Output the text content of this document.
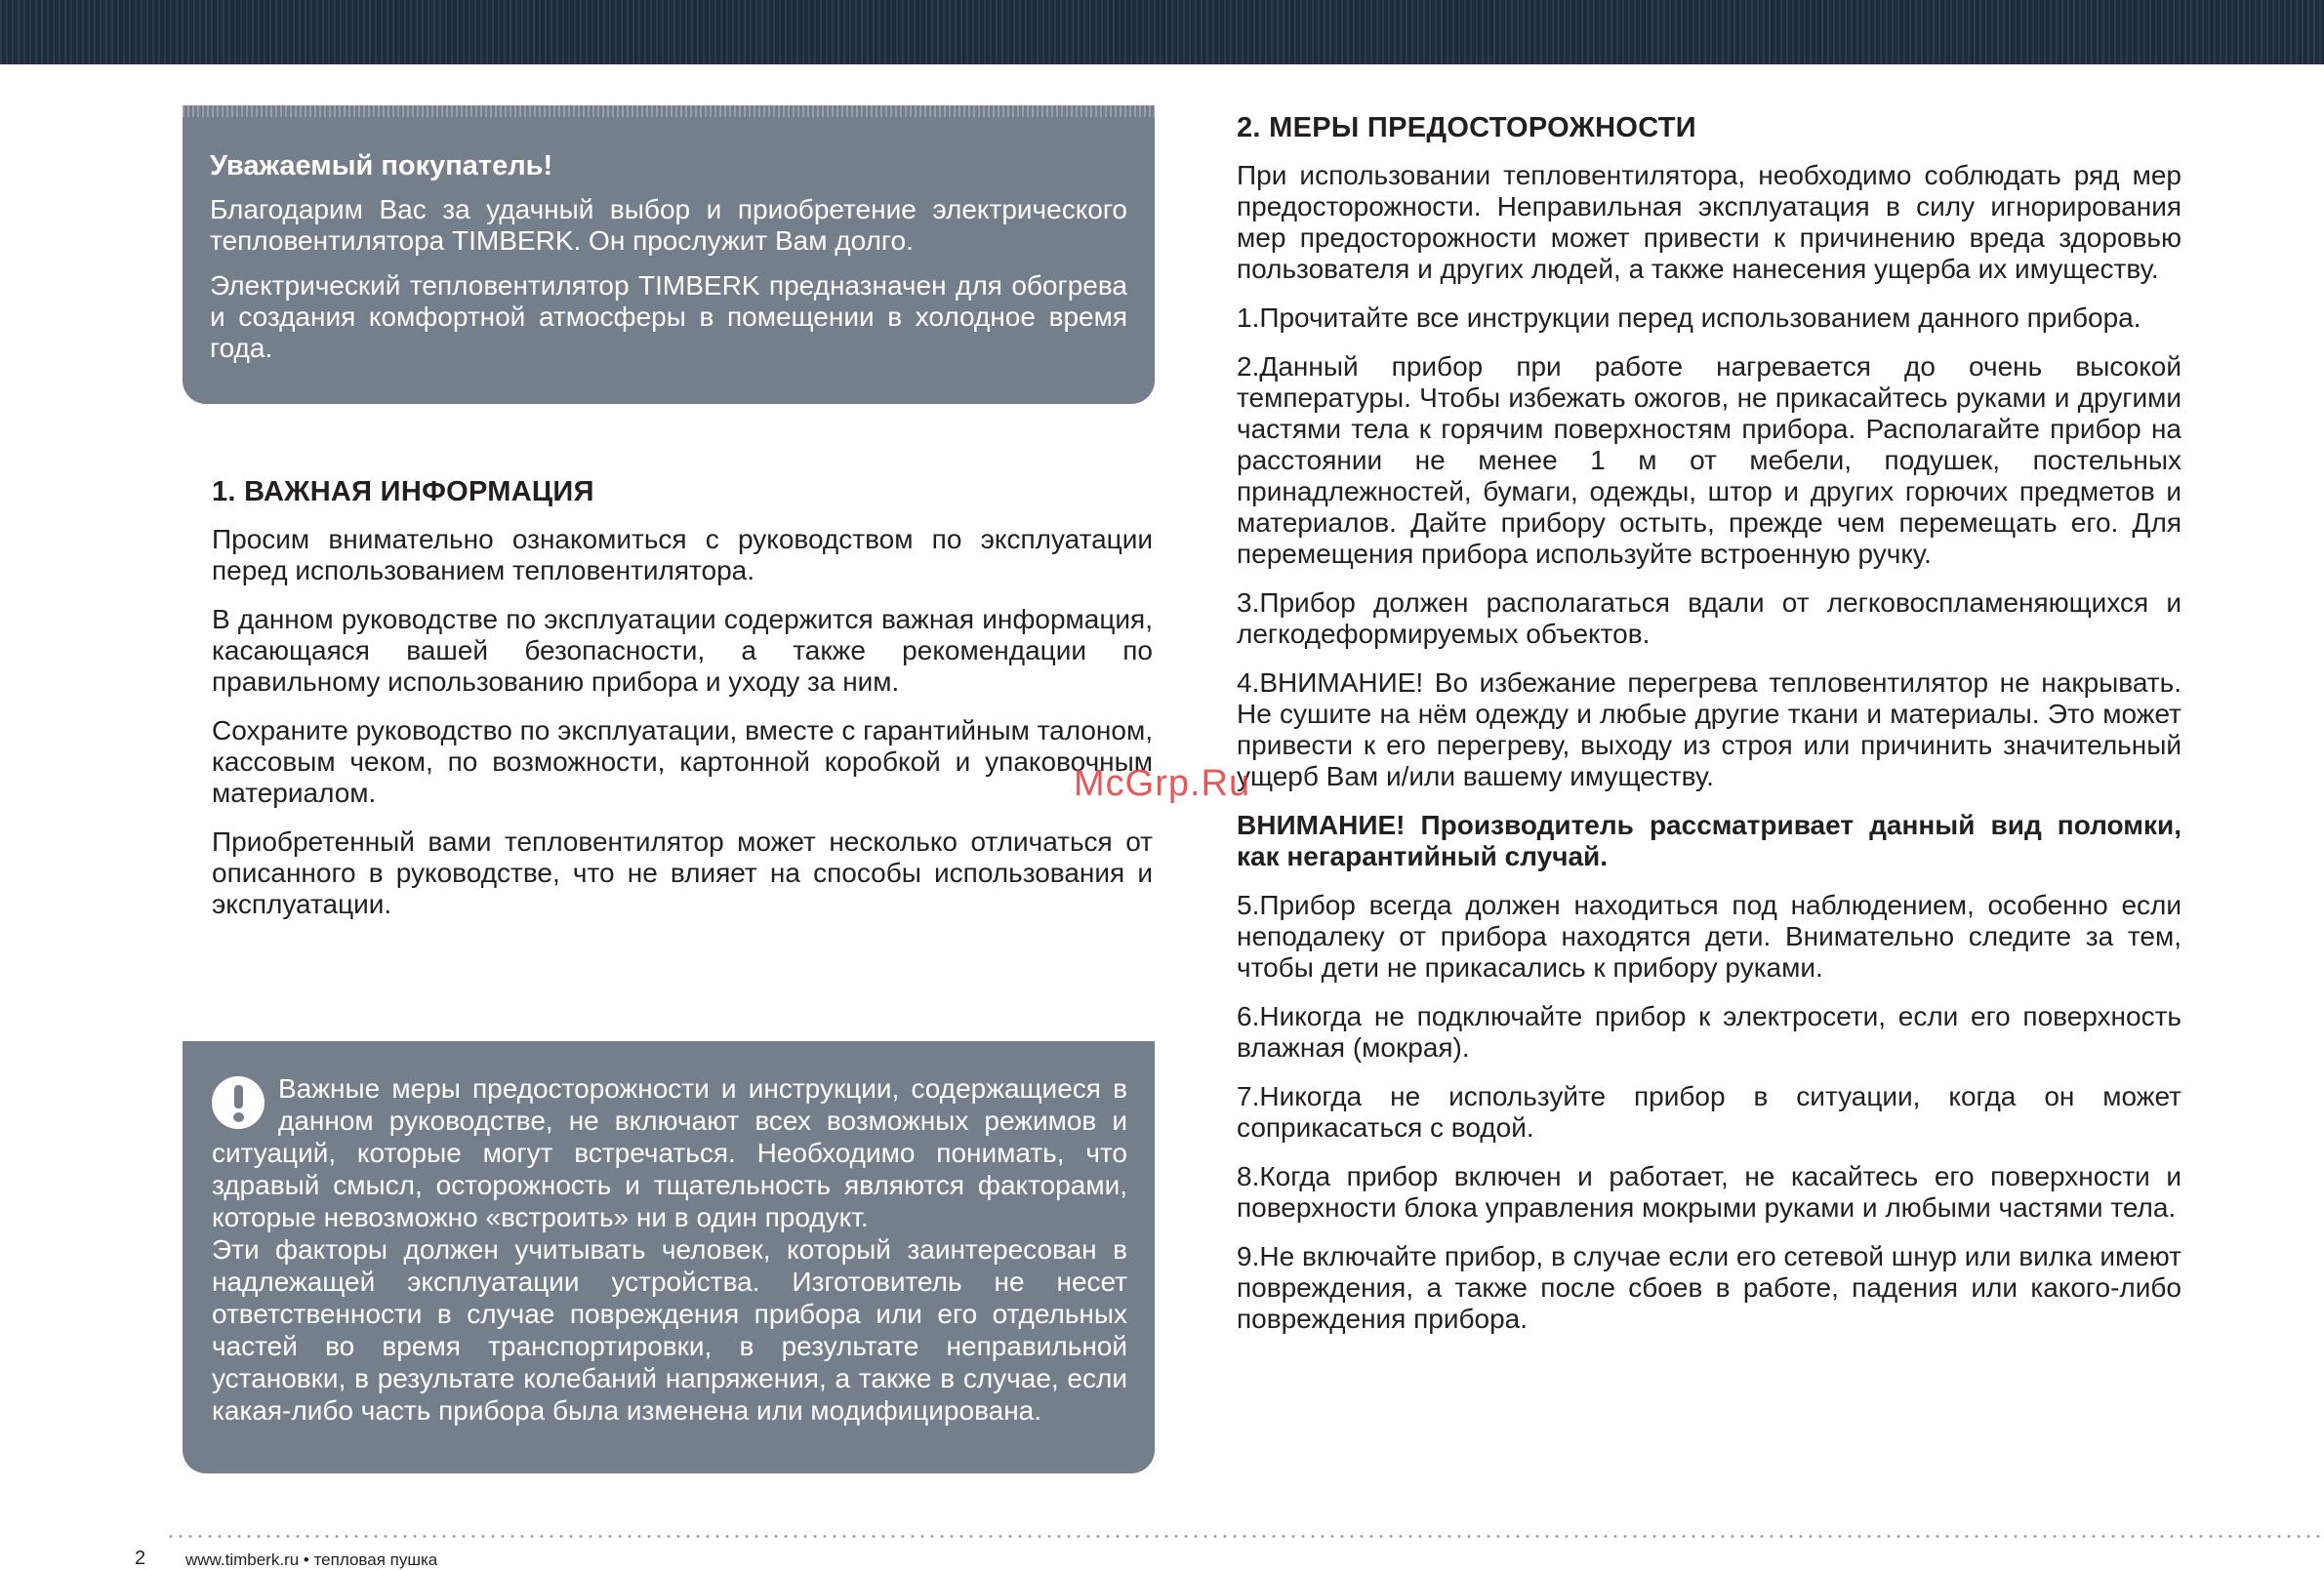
Уважаемый покупатель!

Благодарим Вас за удачный выбор и приобретение электрического тепловентилятора TIMBERK. Он прослужит Вам долго.

Электрический тепловентилятор TIMBERK предназначен для обогрева и создания комфортной атмосферы в помещении в холодное время года.

1. ВАЖНАЯ ИНФОРМАЦИЯ

Просим внимательно ознакомиться с руководством по эксплуатации перед использованием тепловентилятора.

В данном руководстве по эксплуатации содержится важная информация, касающаяся вашей безопасности, а также рекомендации по правильному использованию прибора и уходу за ним.

Сохраните руководство по эксплуатации, вместе с гарантийным талоном, кассовым чеком, по возможности, картонной коробкой и упаковочным материалом.

Приобретенный вами тепловентилятор может несколько отличаться от описанного в руководстве, что не влияет на способы использования и эксплуатации.

Важные меры предосторожности и инструкции, содержащиеся в данном руководстве, не включают всех возможных режимов и ситуаций, которые могут встречаться. Необходимо понимать, что здравый смысл, осторожность и тщательность являются факторами, которые невозможно «встроить» ни в один продукт.

Эти факторы должен учитывать человек, который заинтересован в надлежащей эксплуатации устройства. Изготовитель не несет ответственности в случае повреждения прибора или его отдельных частей во время транспортировки, в результате неправильной установки, в результате колебаний напряжения, а также в случае, если какая-либо часть прибора была изменена или модифицирована.

2. МЕРЫ ПРЕДОСТОРОЖНОСТИ

При использовании тепловентилятора, необходимо соблюдать ряд мер предосторожности. Неправильная эксплуатация в силу игнорирования мер предосторожности может привести к причинению вреда здоровью пользователя и других людей, а также нанесения ущерба их имуществу.

1.Прочитайте все инструкции перед использованием данного прибора.

2.Данный прибор при работе нагревается до очень высокой температуры. Чтобы избежать ожогов, не прикасайтесь руками и другими частями тела к горячим поверхностям прибора. Располагайте прибор на расстоянии не менее 1 м от мебели, подушек, постельных принадлежностей, бумаги, одежды, штор и других горючих предметов и материалов. Дайте прибору остыть, прежде чем перемещать его. Для перемещения прибора используйте встроенную ручку.

3.Прибор должен располагаться вдали от легковоспламеняющихся и легкодеформируемых объектов.

4.ВНИМАНИЕ! Во избежание перегрева тепловентилятор не накрывать. Не сушите на нём одежду и любые другие ткани и материалы. Это может привести к его перегреву, выходу из строя или причинить значительный ущерб Вам и/или вашему имуществу.

ВНИМАНИЕ! Производитель рассматривает данный вид поломки, как негарантийный случай.

5.Прибор всегда должен находиться под наблюдением, особенно если неподалеку от прибора находятся дети. Внимательно следите за тем, чтобы дети не прикасались к прибору руками.

6.Никогда не подключайте прибор к электросети, если его поверхность влажная (мокрая).

7.Никогда не используйте прибор в ситуации, когда он может соприкасаться с водой.

8.Когда прибор включен и работает, не касайтесь его поверхности и поверхности блока управления мокрыми руками и любыми частями тела.

9.Не включайте прибор, в случае если его сетевой шнур или вилка имеют повреждения, а также после сбоев в работе, падения или какого-либо повреждения прибора.

McGrp.Ru
2 www.timberk.ru • тепловая пушка
